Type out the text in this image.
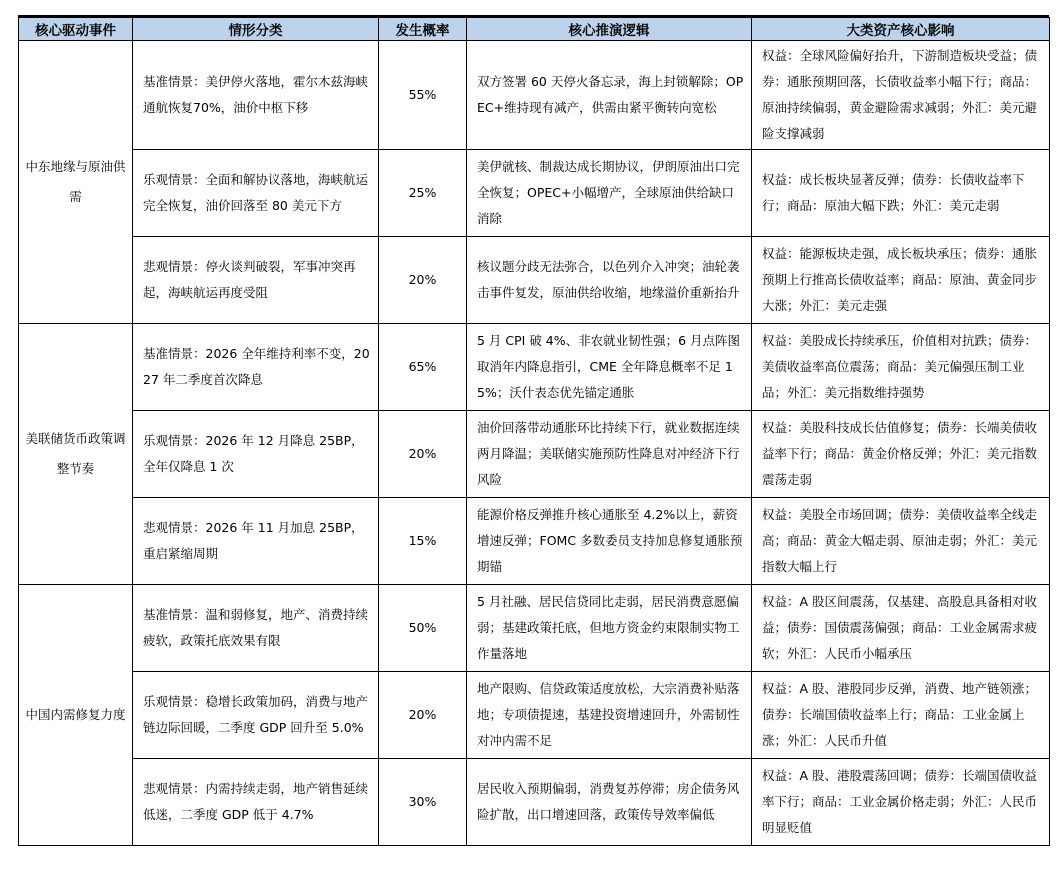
核心驱动事件	情形分类	发生概率	核心推演逻辑	大类资产核心影响
中东地缘与原油供需	基准情景：美伊停火落地，霍尔木兹海峡通航恢复70%，油价中枢下移	55%	双方签署 60 天停火备忘录，海上封锁解除；OPEC+维持现有减产，供需由紧平衡转向宽松	权益：全球风险偏好抬升，下游制造板块受益；债券：通胀预期回落，长债收益率小幅下行；商品：原油持续偏弱，黄金避险需求减弱；外汇：美元避险支撑减弱
	乐观情景：全面和解协议落地，海峡航运完全恢复，油价回落至 80 美元下方	25%	美伊就核、制裁达成长期协议，伊朗原油出口完全恢复；OPEC+小幅增产，全球原油供给缺口消除	权益：成长板块显著反弹；债券：长债收益率下行；商品：原油大幅下跌；外汇：美元走弱
	悲观情景：停火谈判破裂，军事冲突再起，海峡航运再度受阻	20%	核议题分歧无法弥合，以色列介入冲突；油轮袭击事件复发，原油供给收缩，地缘溢价重新抬升	权益：能源板块走强，成长板块承压；债券：通胀预期上行推高长债收益率；商品：原油、黄金同步大涨；外汇：美元走强
美联储货币政策调整节奏	基准情景：2026 全年维持利率不变，2027 年二季度首次降息	65%	5 月 CPI 破 4%、非农就业韧性强；6 月点阵图取消年内降息指引，CME 全年降息概率不足 15%；沃什表态优先锚定通胀	权益：美股成长持续承压，价值相对抗跌；债券：美债收益率高位震荡；商品：美元偏强压制工业品；外汇：美元指数维持强势
	乐观情景：2026 年 12 月降息 25BP，全年仅降息 1 次	20%	油价回落带动通胀环比持续下行，就业数据连续两月降温；美联储实施预防性降息对冲经济下行风险	权益：美股科技成长估值修复；债券：长端美债收益率下行；商品：黄金价格反弹；外汇：美元指数震荡走弱
	悲观情景：2026 年 11 月加息 25BP，重启紧缩周期	15%	能源价格反弹推升核心通胀至 4.2%以上，薪资增速反弹；FOMC 多数委员支持加息修复通胀预期锚	权益：美股全市场回调；债券：美债收益率全线走高；商品：黄金大幅走弱、原油走弱；外汇：美元指数大幅上行
中国内需修复力度	基准情景：温和弱修复，地产、消费持续疲软，政策托底效果有限	50%	5 月社融、居民信贷同比走弱，居民消费意愿偏弱；基建政策托底，但地方资金约束限制实物工作量落地	权益：A 股区间震荡，仅基建、高股息具备相对收益；债券：国债震荡偏强；商品：工业金属需求疲软；外汇：人民币小幅承压
	乐观情景：稳增长政策加码，消费与地产链边际回暖，二季度 GDP 回升至 5.0%	20%	地产限购、信贷政策适度放松，大宗消费补贴落地；专项债提速，基建投资增速回升，外需韧性对冲内需不足	权益：A 股、港股同步反弹，消费、地产链领涨；债券：长端国债收益率上行；商品：工业金属上涨；外汇：人民币升值
	悲观情景：内需持续走弱，地产销售延续低迷，二季度 GDP 低于 4.7%	30%	居民收入预期偏弱，消费复苏停滞；房企债务风险扩散，出口增速回落，政策传导效率偏低	权益：A 股、港股震荡回调；债券：长端国债收益率下行；商品：工业金属价格走弱；外汇：人民币明显贬值
